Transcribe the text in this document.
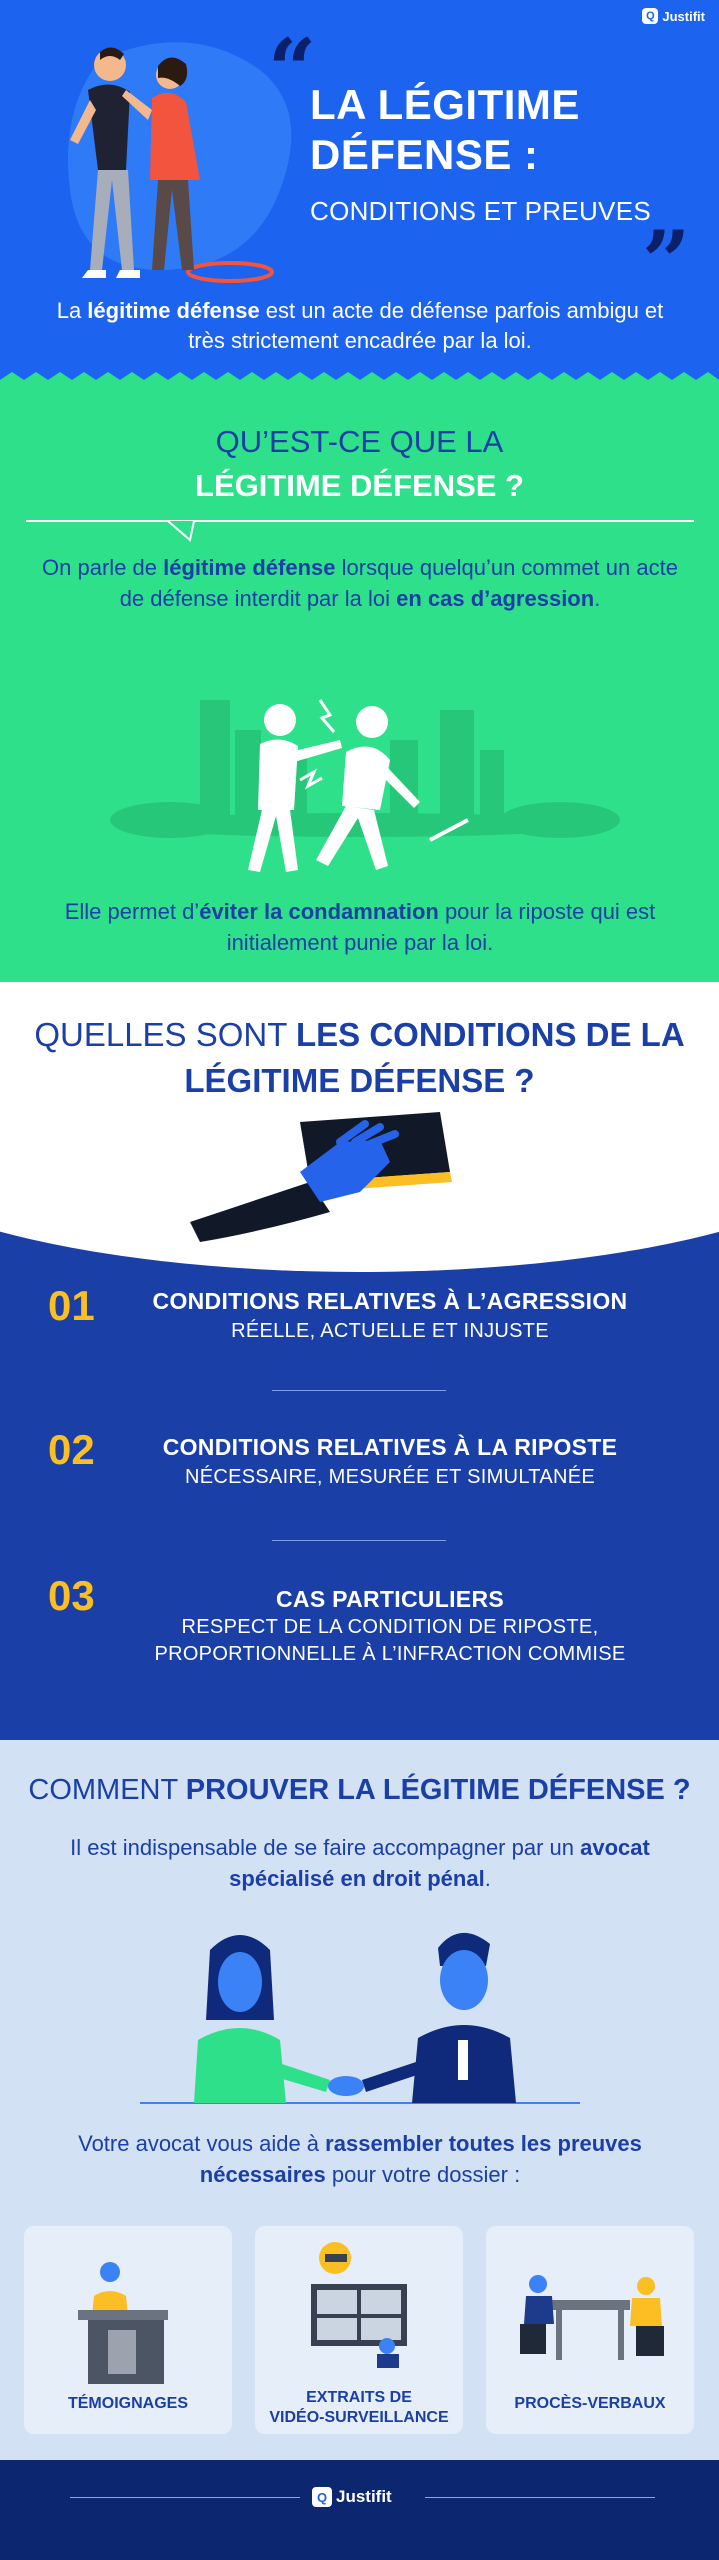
Q Justifit
“
”
LA LÉGITIME
DÉFENSE :
CONDITIONS ET PREUVES
La légitime défense est un acte de défense parfois ambigu et très strictement encadrée par la loi.
QU’EST-CE QUE LA
LÉGITIME DÉFENSE ?
On parle de légitime défense lorsque quelqu’un commet un acte de défense interdit par la loi en cas d’agression.
Elle permet d’éviter la condamnation pour la riposte qui est initialement punie par la loi.
QUELLES SONT LES CONDITIONS DE LA LÉGITIME DÉFENSE ?
01	CONDITIONS RELATIVES À L’AGRESSION
RÉELLE, ACTUELLE ET INJUSTE
02	CONDITIONS RELATIVES À LA RIPOSTE
NÉCESSAIRE, MESURÉE ET SIMULTANÉE
03	CAS PARTICULIERS
RESPECT DE LA CONDITION DE RIPOSTE, PROPORTIONNELLE À L’INFRACTION COMMISE
COMMENT PROUVER LA LÉGITIME DÉFENSE ?
Il est indispensable de se faire accompagner par un avocat spécialisé en droit pénal.
Votre avocat vous aide à rassembler toutes les preuves nécessaires pour votre dossier :
TÉMOIGNAGES	EXTRAITS DE
VIDÉO-SURVEILLANCE
PROCÈS-VERBAUX
Q Justifit
